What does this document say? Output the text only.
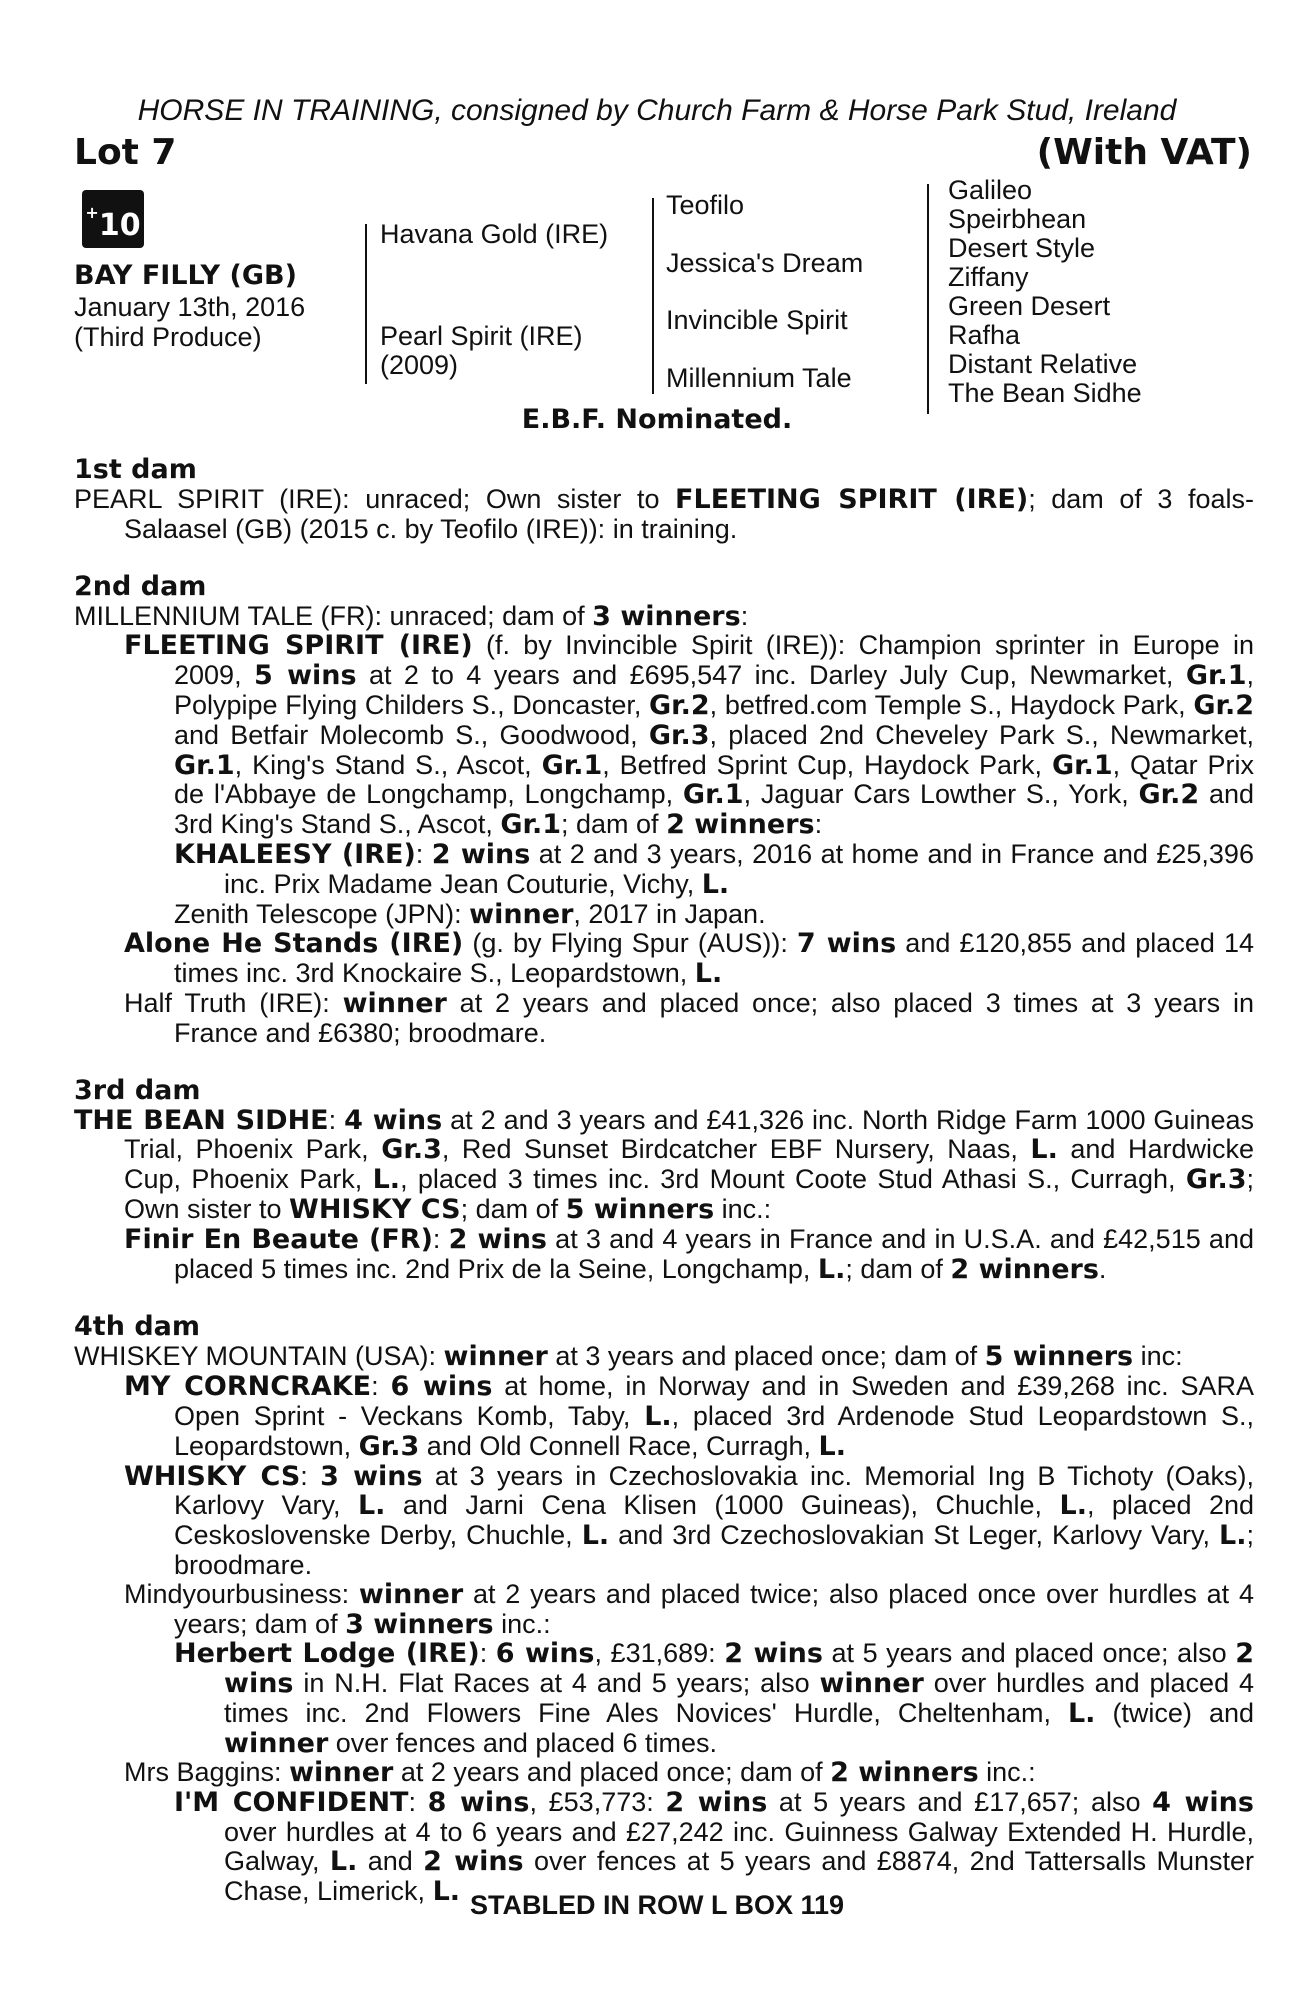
HORSE IN TRAINING, consigned by Church Farm & Horse Park Stud, Ireland
Lot 7	(With VAT)
+10
BAY FILLY (GB)
January 13th, 2016
(Third Produce)
Havana Gold (IRE)
Pearl Spirit (IRE)
(2009)
Teofilo
Jessica's Dream
Invincible Spirit
Millennium Tale
Galileo
Speirbhean
Desert Style
Ziffany
Green Desert
Rafha
Distant Relative
The Bean Sidhe
E.B.F. Nominated.
1st dam

PEARL SPIRIT (IRE): unraced; Own sister to FLEETING SPIRIT (IRE); dam of 3 foals- Salaasel (GB) (2015 c. by Teofilo (IRE)): in training.

2nd dam

MILLENNIUM TALE (FR): unraced; dam of 3 winners:

FLEETING SPIRIT (IRE) (f. by Invincible Spirit (IRE)): Champion sprinter in Europe in 2009, 5 wins at 2 to 4 years and £695,547 inc. Darley July Cup, Newmarket, Gr.1, Polypipe Flying Childers S., Doncaster, Gr.2, betfred.com Temple S., Haydock Park, Gr.2 and Betfair Molecomb S., Goodwood, Gr.3, placed 2nd Cheveley Park S., Newmarket, Gr.1, King's Stand S., Ascot, Gr.1, Betfred Sprint Cup, Haydock Park, Gr.1, Qatar Prix de l'Abbaye de Longchamp, Longchamp, Gr.1, Jaguar Cars Lowther S., York, Gr.2 and 3rd King's Stand S., Ascot, Gr.1; dam of 2 winners:

KHALEESY (IRE): 2 wins at 2 and 3 years, 2016 at home and in France and £25,396 inc. Prix Madame Jean Couturie, Vichy, L.

Zenith Telescope (JPN): winner, 2017 in Japan.

Alone He Stands (IRE) (g. by Flying Spur (AUS)): 7 wins and £120,855 and placed 14 times inc. 3rd Knockaire S., Leopardstown, L.

Half Truth (IRE): winner at 2 years and placed once; also placed 3 times at 3 years in France and £6380; broodmare.

3rd dam

THE BEAN SIDHE: 4 wins at 2 and 3 years and £41,326 inc. North Ridge Farm 1000 Guineas Trial, Phoenix Park, Gr.3, Red Sunset Birdcatcher EBF Nursery, Naas, L. and Hardwicke Cup, Phoenix Park, L., placed 3 times inc. 3rd Mount Coote Stud Athasi S., Curragh, Gr.3; Own sister to WHISKY CS; dam of 5 winners inc.:

Finir En Beaute (FR): 2 wins at 3 and 4 years in France and in U.S.A. and £42,515 and placed 5 times inc. 2nd Prix de la Seine, Longchamp, L.; dam of 2 winners.

4th dam

WHISKEY MOUNTAIN (USA): winner at 3 years and placed once; dam of 5 winners inc:

MY CORNCRAKE: 6 wins at home, in Norway and in Sweden and £39,268 inc. SARA Open Sprint - Veckans Komb, Taby, L., placed 3rd Ardenode Stud Leopardstown S., Leopardstown, Gr.3 and Old Connell Race, Curragh, L.

WHISKY CS: 3 wins at 3 years in Czechoslovakia inc. Memorial Ing B Tichoty (Oaks), Karlovy Vary, L. and Jarni Cena Klisen (1000 Guineas), Chuchle, L., placed 2nd Ceskoslovenske Derby, Chuchle, L. and 3rd Czechoslovakian St Leger, Karlovy Vary, L.; broodmare.

Mindyourbusiness: winner at 2 years and placed twice; also placed once over hurdles at 4 years; dam of 3 winners inc.:

Herbert Lodge (IRE): 6 wins, £31,689: 2 wins at 5 years and placed once; also 2 wins in N.H. Flat Races at 4 and 5 years; also winner over hurdles and placed 4 times inc. 2nd Flowers Fine Ales Novices' Hurdle, Cheltenham, L. (twice) and winner over fences and placed 6 times.

Mrs Baggins: winner at 2 years and placed once; dam of 2 winners inc.:

I'M CONFIDENT: 8 wins, £53,773: 2 wins at 5 years and £17,657; also 4 wins over hurdles at 4 to 6 years and £27,242 inc. Guinness Galway Extended H. Hurdle, Galway, L. and 2 wins over fences at 5 years and £8874, 2nd Tattersalls Munster Chase, Limerick, L. STABLED IN ROW L BOX 119
